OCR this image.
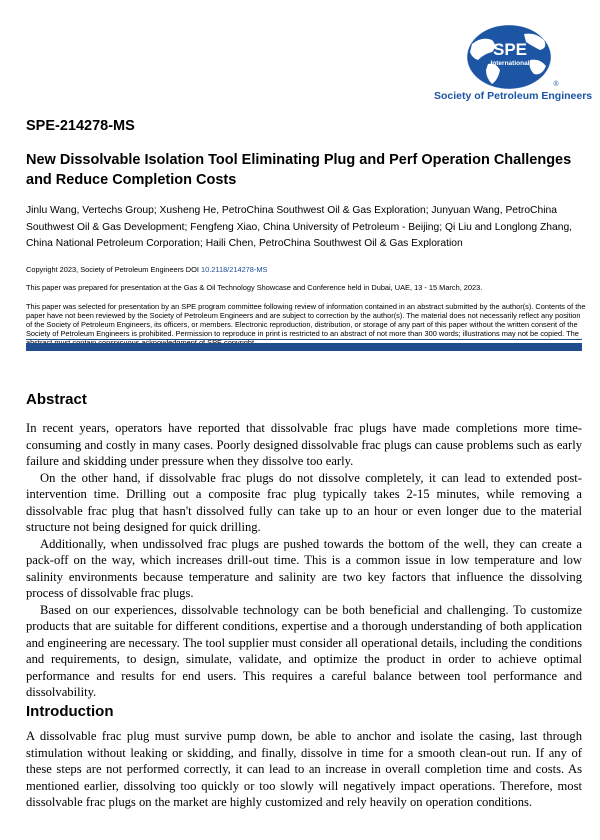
SPE
International
®
Society of Petroleum Engineers
SPE-214278-MS
New Dissolvable Isolation Tool Eliminating Plug and Perf Operation Challenges and Reduce Completion Costs
Jinlu Wang, Vertechs Group; Xusheng He, PetroChina Southwest Oil & Gas Exploration; Junyuan Wang, PetroChina Southwest Oil & Gas Development; Fengfeng Xiao, China University of Petroleum - Beijing; Qi Liu and Longlong Zhang, China National Petroleum Corporation; Haili Chen, PetroChina Southwest Oil & Gas Exploration
Copyright 2023, Society of Petroleum Engineers DOI 10.2118/214278-MS
This paper was prepared for presentation at the Gas & Oil Technology Showcase and Conference held in Dubai, UAE, 13 - 15 March, 2023.
This paper was selected for presentation by an SPE program committee following review of information contained in an abstract submitted by the author(s). Contents of the paper have not been reviewed by the Society of Petroleum Engineers and are subject to correction by the author(s). The material does not necessarily reflect any position of the Society of Petroleum Engineers, its officers, or members. Electronic reproduction, distribution, or storage of any part of this paper without the written consent of the Society of Petroleum Engineers is prohibited. Permission to reproduce in print is restricted to an abstract of not more than 300 words; illustrations may not be copied. The
Abstract

In recent years, operators have reported that dissolvable frac plugs have made completions more time-consuming and costly in many cases. Poorly designed dissolvable frac plugs can cause problems such as early failure and skidding under pressure when they dissolve too early.

On the other hand, if dissolvable frac plugs do not dissolve completely, it can lead to extended post-intervention time. Drilling out a composite frac plug typically takes 2-15 minutes, while removing a dissolvable frac plug that hasn't dissolved fully can take up to an hour or even longer due to the material structure not being designed for quick drilling.

Additionally, when undissolved frac plugs are pushed towards the bottom of the well, they can create a pack-off on the way, which increases drill-out time. This is a common issue in low temperature and low salinity environments because temperature and salinity are two key factors that influence the dissolving process of dissolvable frac plugs.

Based on our experiences, dissolvable technology can be both beneficial and challenging. To customize products that are suitable for different conditions, expertise and a thorough understanding of both application and engineering are necessary. The tool supplier must consider all operational details, including the conditions and requirements, to design, simulate, validate, and optimize the product in order to achieve optimal performance and results for end users. This requires a careful balance between tool performance and dissolvability.

Introduction

A dissolvable frac plug must survive pump down, be able to anchor and isolate the casing, last through stimulation without leaking or skidding, and finally, dissolve in time for a smooth clean-out run. If any of these steps are not performed correctly, it can lead to an increase in overall completion time and costs. As mentioned earlier, dissolving too quickly or too slowly will negatively impact operations. Therefore, most dissolvable frac plugs on the market are highly customized and rely heavily on operation conditions.
